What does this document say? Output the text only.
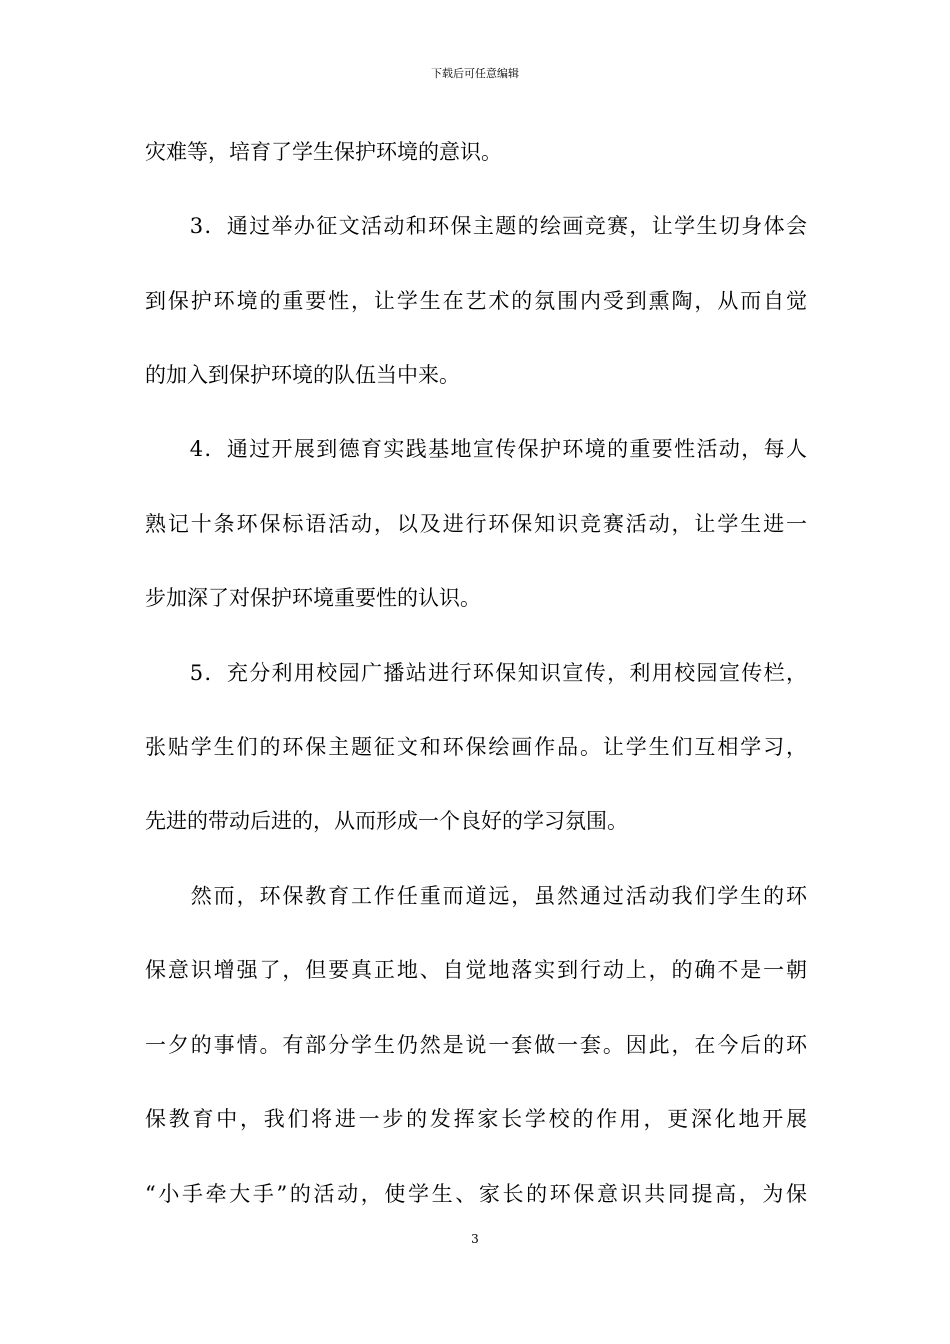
下载后可任意编辑
灾难等，培育了学生保护环境的意识。
　　3．通过举办征文活动和环保主题的绘画竞赛，让学生切身体会
到保护环境的重要性，让学生在艺术的氛围内受到熏陶，从而自觉
的加入到保护环境的队伍当中来。
　　4．通过开展到德育实践基地宣传保护环境的重要性活动，每人
熟记十条环保标语活动，以及进行环保知识竞赛活动，让学生进一
步加深了对保护环境重要性的认识。
　　5．充分利用校园广播站进行环保知识宣传，利用校园宣传栏，
张贴学生们的环保主题征文和环保绘画作品。让学生们互相学习，
先进的带动后进的，从而形成一个良好的学习氛围。
　　然而，环保教育工作任重而道远，虽然通过活动我们学生的环
保意识增强了，但要真正地、自觉地落实到行动上，的确不是一朝
一夕的事情。有部分学生仍然是说一套做一套。因此，在今后的环
保教育中，我们将进一步的发挥家长学校的作用，更深化地开展
“小手牵大手”的活动，使学生、家长的环保意识共同提高，为保
3
